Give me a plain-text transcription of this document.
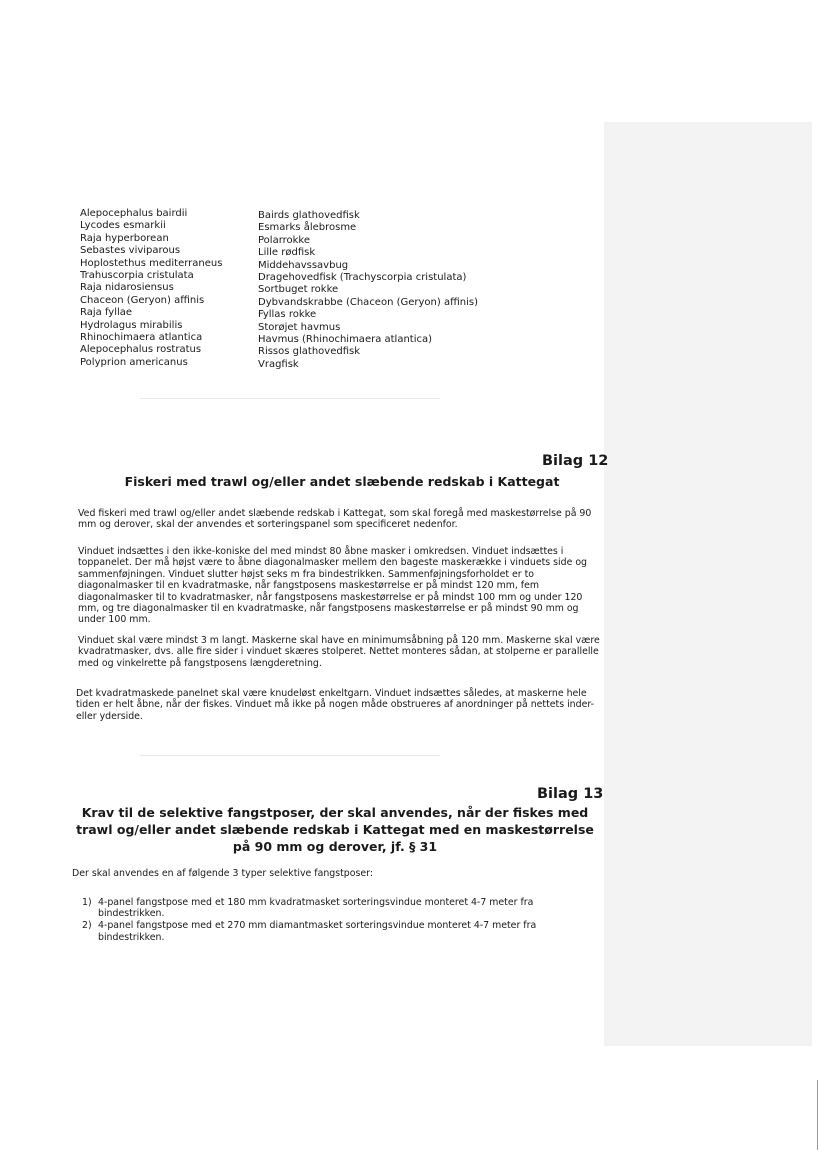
Alepocephalus bairdii
Lycodes esmarkii
Raja hyperborean
Sebastes viviparous
Hoplostethus mediterraneus
Trahuscorpia cristulata
Raja nidarosiensus
Chaceon (Geryon) affinis
Raja fyllae
Hydrolagus mirabilis
Rhinochimaera atlantica
Alepocephalus rostratus
Polyprion americanus
Bairds glathovedfisk
Esmarks ålebrosme
Polarrokke
Lille rødfisk
Middehavssavbug
Dragehovedfisk (Trachyscorpia cristulata)
Sortbuget rokke
Dybvandskrabbe (Chaceon (Geryon) affinis)
Fyllas rokke
Storøjet havmus
Havmus (Rhinochimaera atlantica)
Rissos glathovedfisk
Vragfisk
Bilag 12
Fiskeri med trawl og/eller andet slæbende redskab i Kattegat
Ved fiskeri med trawl og/eller andet slæbende redskab i Kattegat, som skal foregå med maskestørrelse på 90 mm og derover, skal der anvendes et sorteringspanel som specificeret nedenfor.
Vinduet indsættes i den ikke-koniske del med mindst 80 åbne masker i omkredsen. Vinduet indsættes i toppanelet. Der må højst være to åbne diagonalmasker mellem den bageste maskerække i vinduets side og sammenføjningen. Vinduet slutter højst seks m fra bindestrikken. Sammenføjningsforholdet er to diagonalmasker til en kvadratmaske, når fangstposens maskestørrelse er på mindst 120 mm, fem diagonalmasker til to kvadratmasker, når fangstposens maskestørrelse er på mindst 100 mm og under 120 mm, og tre diagonalmasker til en kvadratmaske, når fangstposens maskestørrelse er på mindst 90 mm og under 100 mm.
Vinduet skal være mindst 3 m langt. Maskerne skal have en minimumsåbning på 120 mm. Maskerne skal være kvadratmasker, dvs. alle fire sider i vinduet skæres stolperet. Nettet monteres sådan, at stolperne er parallelle med og vinkelrette på fangstposens længderetning.
Det kvadratmaskede panelnet skal være knudeløst enkeltgarn. Vinduet indsættes således, at maskerne hele tiden er helt åbne, når der fiskes. Vinduet må ikke på nogen måde obstrueres af anordninger på nettets inder- eller yderside.
Bilag 13
Krav til de selektive fangstposer, der skal anvendes, når der fiskes med trawl og/eller andet slæbende redskab i Kattegat med en maskestørrelse på 90 mm og derover, jf. § 31
Der skal anvendes en af følgende 3 typer selektive fangstposer:
1) 4-panel fangstpose med et 180 mm kvadratmasket sorteringsvindue monteret 4-7 meter fra bindestrikken.
2) 4-panel fangstpose med et 270 mm diamantmasket sorteringsvindue monteret 4-7 meter fra bindestrikken.
